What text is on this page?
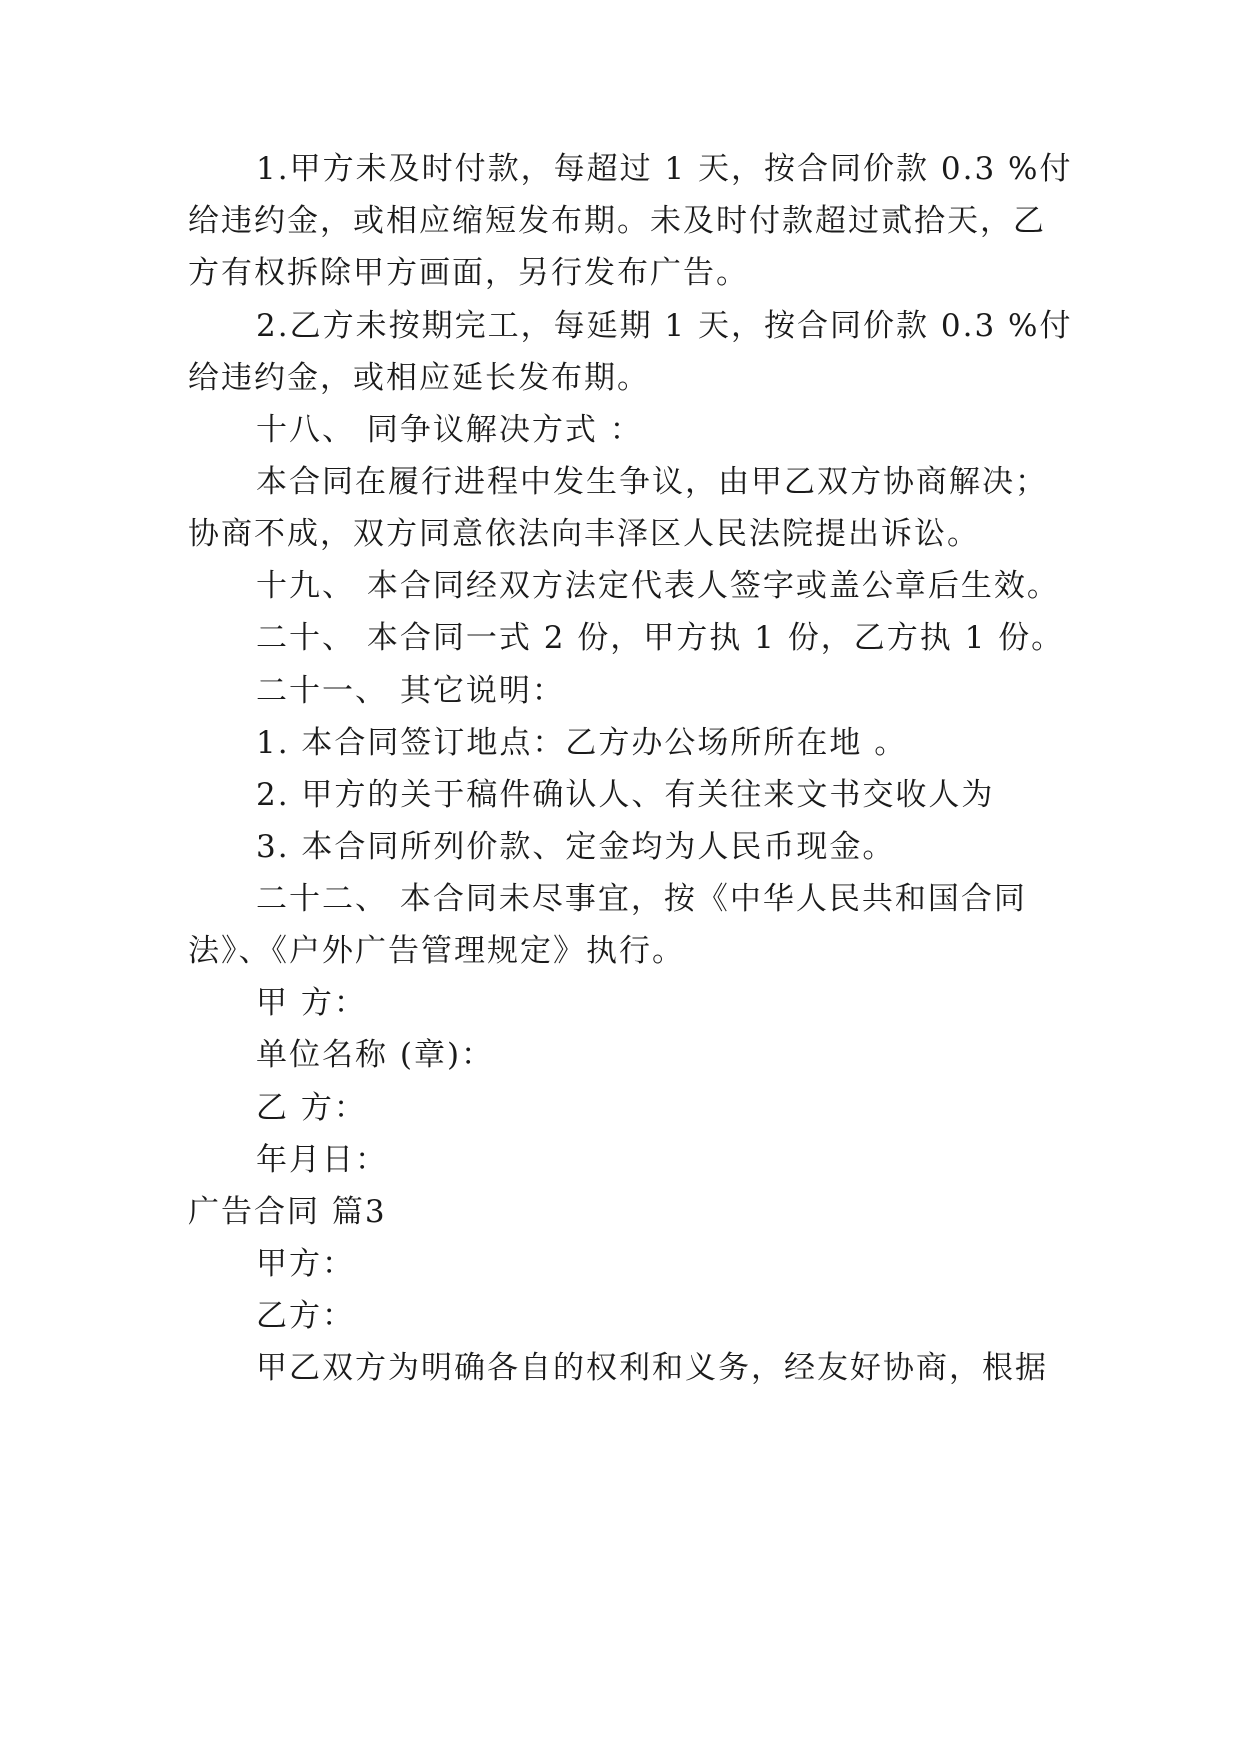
1.甲方未及时付款，每超过 1 天，按合同价款 0.3 %付
给违约金，或相应缩短发布期。未及时付款超过贰拾天，乙
方有权拆除甲方画面，另行发布广告。
2.乙方未按期完工，每延期 1 天，按合同价款 0.3 %付
给违约金，或相应延长发布期。
十八、 同争议解决方式 ：
本合同在履行进程中发生争议，由甲乙双方协商解决；
协商不成，双方同意依法向丰泽区人民法院提出诉讼。
十九、 本合同经双方法定代表人签字或盖公章后生效。
二十、 本合同一式 2 份，甲方执 1 份，乙方执 1 份。
二十一、 其它说明：
1. 本合同签订地点：乙方办公场所所在地 。
2. 甲方的关于稿件确认人、有关往来文书交收人为
3. 本合同所列价款、定金均为人民币现金。
二十二、 本合同未尽事宜，按《中华人民共和国合同
法》、《户外广告管理规定》执行。
甲 方：
单位名称 (章)：
乙 方：
年月日：
广告合同 篇3
甲方：
乙方：
甲乙双方为明确各自的权利和义务，经友好协商，根据
